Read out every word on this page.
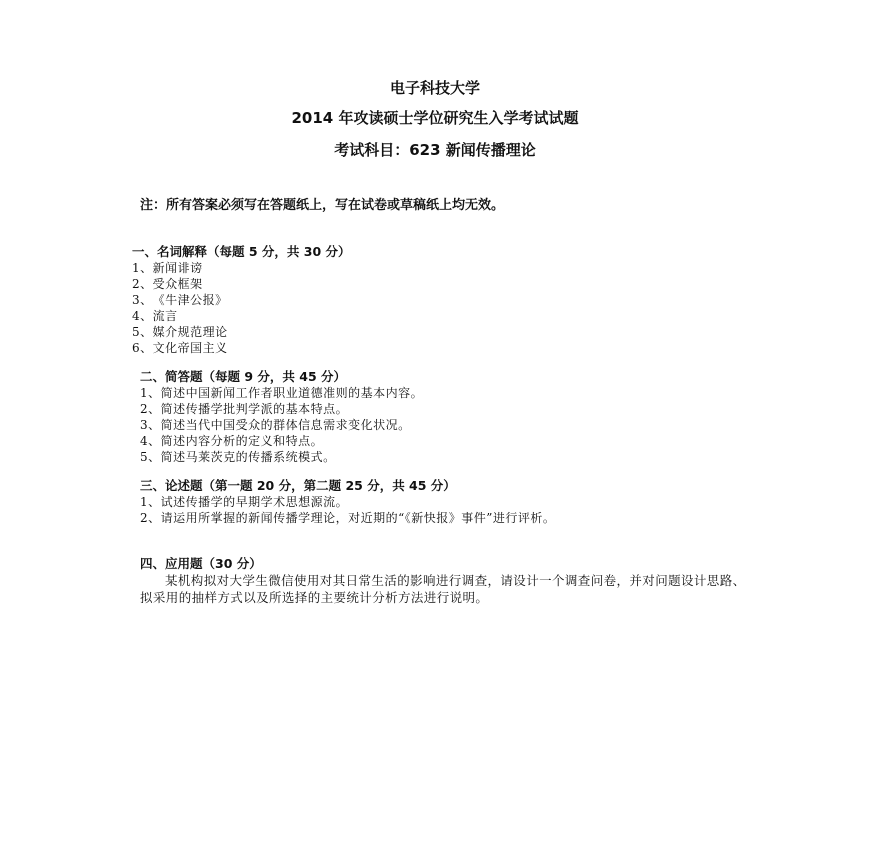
电子科技大学
2014 年攻读硕士学位研究生入学考试试题
考试科目：623 新闻传播理论
注：所有答案必须写在答题纸上，写在试卷或草稿纸上均无效。
一、名词解释（每题 5 分，共 30 分）
1、新闻诽谤
2、受众框架
3、《牛津公报》
4、流言
5、媒介规范理论
6、文化帝国主义
二、简答题（每题 9 分，共 45 分）
1、简述中国新闻工作者职业道德准则的基本内容。
2、简述传播学批判学派的基本特点。
3、简述当代中国受众的群体信息需求变化状况。
4、简述内容分析的定义和特点。
5、简述马莱茨克的传播系统模式。
三、论述题（第一题 20 分，第二题 25 分，共 45 分）
1、试述传播学的早期学术思想源流。
2、请运用所掌握的新闻传播学理论，对近期的“《新快报》事件”进行评析。
四、应用题（30 分）

某机构拟对大学生微信使用对其日常生活的影响进行调查，请设计一个调查问卷，并对问题设计思路、拟采用的抽样方式以及所选择的主要统计分析方法进行说明。
